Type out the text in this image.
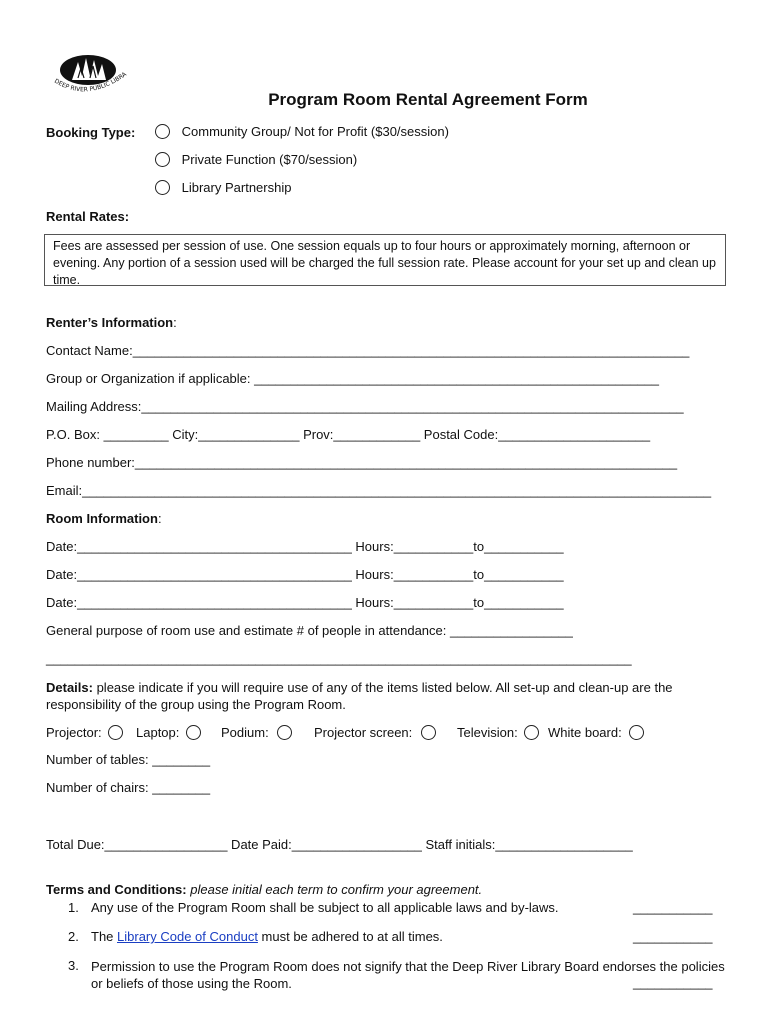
DEEP RIVER PUBLIC LIBRA
Program Room Rental Agreement Form
Booking Type:	Community Group/ Not for Profit ($30/session)
Private Function ($70/session)
Library Partnership
Rental Rates:
Fees are assessed per session of use. One session equals up to four hours or approximately morning, afternoon or evening. Any portion of a session used will be charged the full session rate. Please account for your set up and clean up time.
Renter’s Information:
Contact Name:_____________________________________________________________________________
Group or Organization if applicable: ________________________________________________________
Mailing Address:___________________________________________________________________________
P.O. Box: _________ City:______________ Prov:____________ Postal Code:_____________________
Phone number:___________________________________________________________________________
Email:_______________________________________________________________________________________
Room Information:
Date:______________________________________ Hours:___________to___________
Date:______________________________________ Hours:___________to___________
Date:______________________________________ Hours:___________to___________
General purpose of room use and estimate # of people in attendance: _________________
_________________________________________________________________________________
Details: please indicate if you will require use of any of the items listed below. All set-up and clean-up are the responsibility of the group using the Program Room.
Projector:	Laptop:	Podium:	Projector screen:	Television:	White board:
Number of tables: ________
Number of chairs: ________
Total Due:_________________ Date Paid:__________________ Staff initials:___________________
Terms and Conditions: please initial each term to confirm your agreement.
1. Any use of the Program Room shall be subject to all applicable laws and by-laws.	___________
2. The Library Code of Conduct must be adhered to at all times.	___________
3. Permission to use the Program Room does not signify that the Deep River Library Board endorses the policies or beliefs of those using the Room.	___________
